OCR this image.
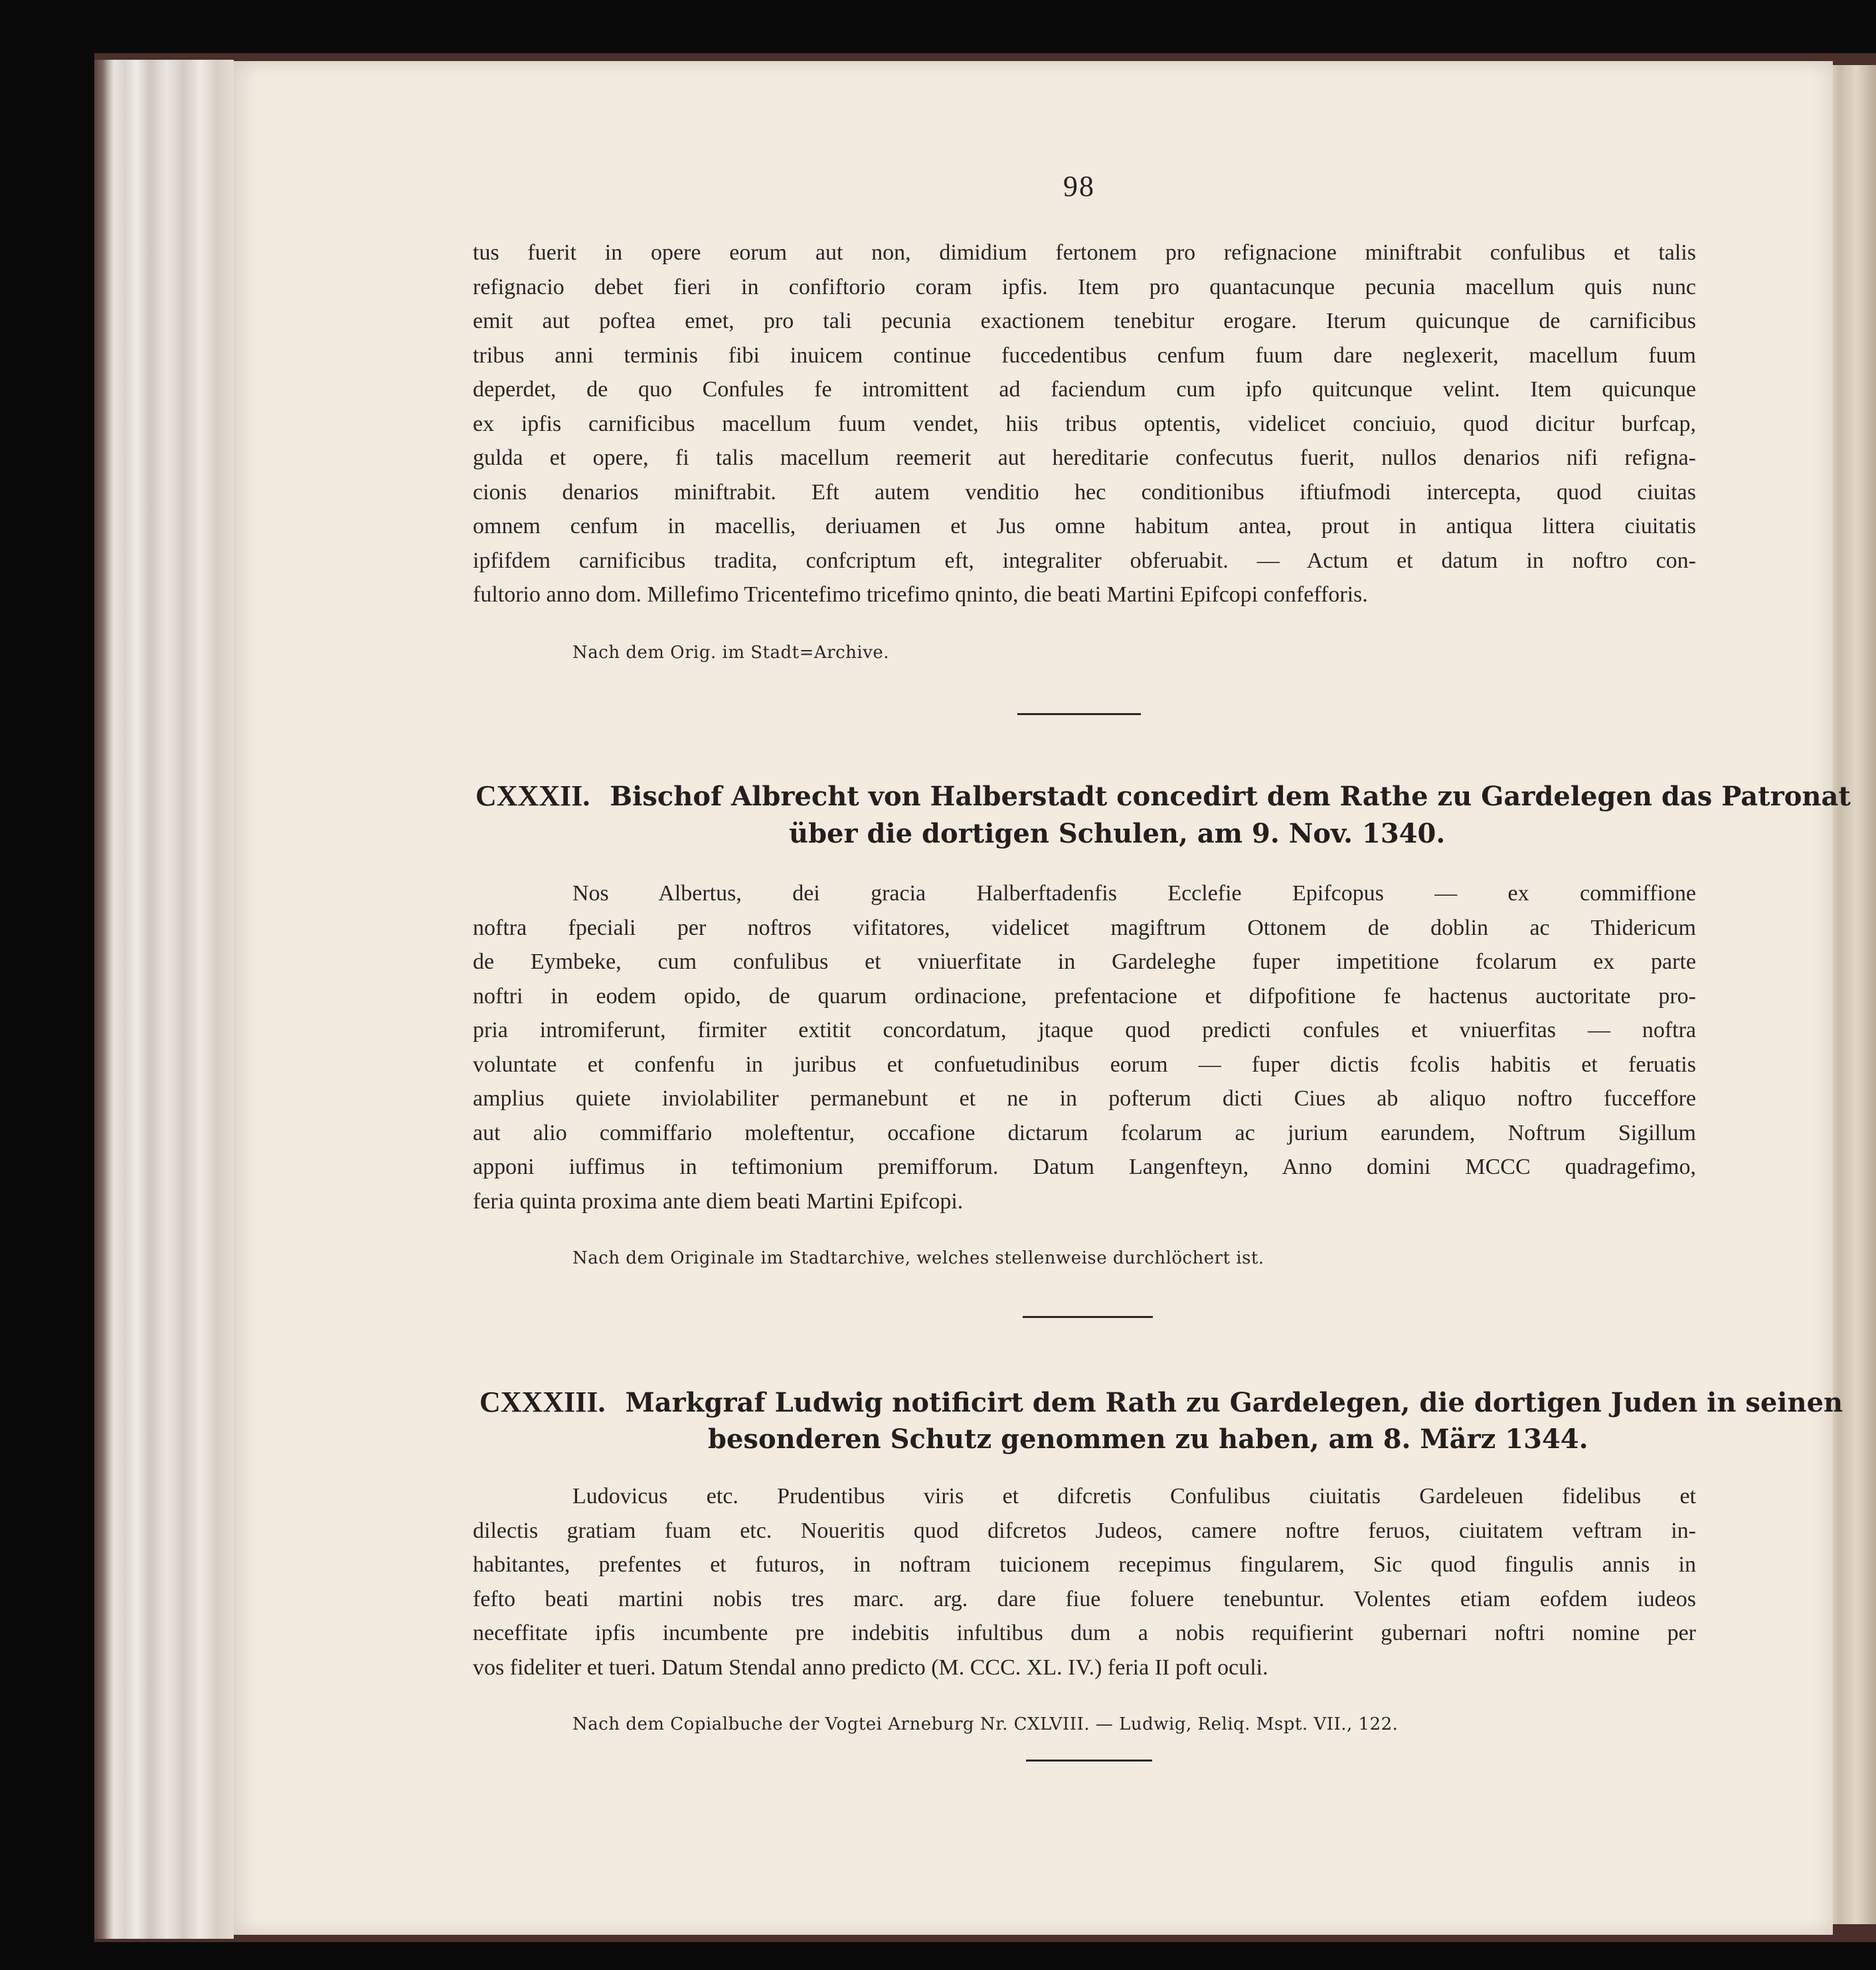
98
tus fuerit in opere eorum aut non, dimidium fertonem pro refignacione miniftrabit confulibus et talis
refignacio debet fieri in confiftorio coram ipfis. Item pro quantacunque pecunia macellum quis nunc
emit aut poftea emet, pro tali pecunia exactionem tenebitur erogare. Iterum quicunque de carnificibus
tribus anni terminis fibi inuicem continue fuccedentibus cenfum fuum dare neglexerit, macellum fuum
deperdet, de quo Confules fe intromittent ad faciendum cum ipfo quitcunque velint. Item quicunque
ex ipfis carnificibus macellum fuum vendet, hiis tribus optentis, videlicet conciuio, quod dicitur burfcap,
gulda et opere, fi talis macellum reemerit aut hereditarie confecutus fuerit, nullos denarios nifi refigna-
cionis denarios miniftrabit. Eft autem venditio hec conditionibus iftiufmodi intercepta, quod ciuitas
omnem cenfum in macellis, deriuamen et Jus omne habitum antea, prout in antiqua littera ciuitatis
ipfifdem carnificibus tradita, confcriptum eft, integraliter obferuabit. — Actum et datum in noftro con-
fultorio anno dom. Millefimo Tricentefimo tricefimo qninto, die beati Martini Epifcopi confefforis.
Nach dem Orig. im Stadt=Archive.
CXXXII. Bischof Albrecht von Halberstadt concedirt dem Rathe zu Gardelegen das Patronat
über die dortigen Schulen, am 9. Nov. 1340.
Nos Albertus, dei gracia Halberftadenfis Ecclefie Epifcopus — ex commiffione
noftra fpeciali per noftros vifitatores, videlicet magiftrum Ottonem de doblin ac Thidericum
de Eymbeke, cum confulibus et vniuerfitate in Gardeleghe fuper impetitione fcolarum ex parte
noftri in eodem opido, de quarum ordinacione, prefentacione et difpofitione fe hactenus auctoritate pro-
pria intromiferunt, firmiter extitit concordatum, jtaque quod predicti confules et vniuerfitas — noftra
voluntate et confenfu in juribus et confuetudinibus eorum — fuper dictis fcolis habitis et feruatis
amplius quiete inviolabiliter permanebunt et ne in pofterum dicti Ciues ab aliquo noftro fucceffore
aut alio commiffario moleftentur, occafione dictarum fcolarum ac jurium earundem, Noftrum Sigillum
apponi iuffimus in teftimonium premifforum. Datum Langenfteyn, Anno domini MCCC quadragefimo,
feria quinta proxima ante diem beati Martini Epifcopi.
Nach dem Originale im Stadtarchive, welches stellenweise durchlöchert ist.
CXXXIII. Markgraf Ludwig notificirt dem Rath zu Gardelegen, die dortigen Juden in seinen
besonderen Schutz genommen zu haben, am 8. März 1344.
Ludovicus etc. Prudentibus viris et difcretis Confulibus ciuitatis Gardeleuen fidelibus et
dilectis gratiam fuam etc. Noueritis quod difcretos Judeos, camere noftre feruos, ciuitatem veftram in-
habitantes, prefentes et futuros, in noftram tuicionem recepimus fingularem, Sic quod fingulis annis in
fefto beati martini nobis tres marc. arg. dare fiue foluere tenebuntur. Volentes etiam eofdem iudeos
neceffitate ipfis incumbente pre indebitis infultibus dum a nobis requifierint gubernari noftri nomine per
vos fideliter et tueri. Datum Stendal anno predicto (M. CCC. XL. IV.) feria II poft oculi.
Nach dem Copialbuche der Vogtei Arneburg Nr. CXLVIII. — Ludwig, Reliq. Mspt. VII., 122.
